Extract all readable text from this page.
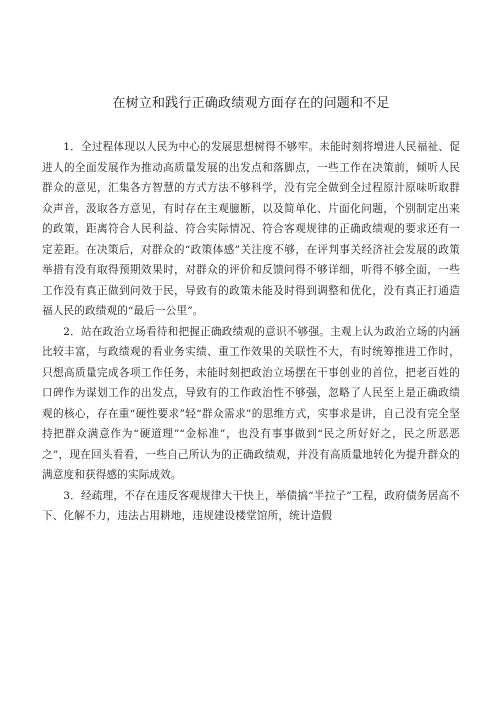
在树立和践行正确政绩观方面存在的问题和不足

1．全过程体现以人民为中心的发展思想树得不够牢。未能时刻将增进人民福祉、促进人的全面发展作为推动高质量发展的出发点和落脚点，一些工作在决策前，倾听人民群众的意见，汇集各方智慧的方式方法不够科学，没有完全做到全过程原汁原味听取群众声音，汲取各方意见，有时存在主观臆断，以及简单化、片面化问题，个别制定出来的政策，距离符合人民利益、符合实际情况、符合客观规律的正确政绩观的要求还有一定差距。在决策后，对群众的“政策体感”关注度不够，在评判事关经济社会发展的政策举措有没有取得预期效果时，对群众的评价和反馈问得不够详细，听得不够全面，一些工作没有真正做到问效于民，导致有的政策未能及时得到调整和优化，没有真正打通造福人民的政绩观的“最后一公里”。

2．站在政治立场看待和把握正确政绩观的意识不够强。主观上认为政治立场的内涵比较丰富，与政绩观的看业务实绩、重工作效果的关联性不大，有时统筹推进工作时，只想高质量完成各项工作任务，未能时刻把政治立场摆在干事创业的首位，把老百姓的口碑作为谋划工作的出发点，导致有的工作政治性不够强，忽略了人民至上是正确政绩观的核心，存在重“硬性要求”轻“群众需求”的思维方式，实事求是讲，自己没有完全坚持把群众满意作为“硬道理”“金标准”，也没有事事做到“民之所好好之，民之所恶恶之”，现在回头看看，一些自己所认为的正确政绩观，并没有高质量地转化为提升群众的满意度和获得感的实际成效。

3．经疏理，不存在违反客观规律大干快上，举债搞“半拉子”工程，政府债务居高不下、化解不力，违法占用耕地，违规建设楼堂馆所，统计造假
